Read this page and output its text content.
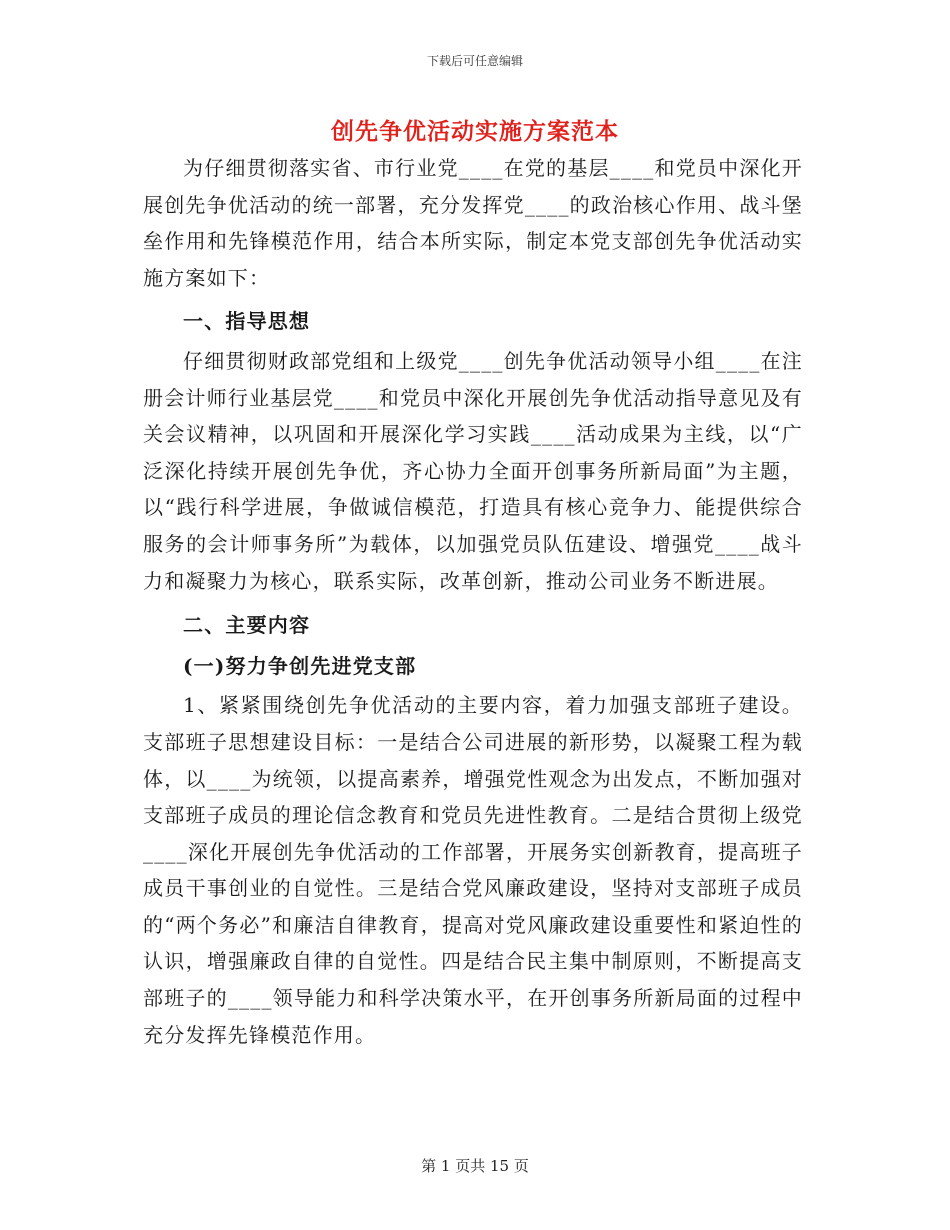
下载后可任意编辑
创先争优活动实施方案范本

为仔细贯彻落实省、市行业党____在党的基层____和党员中深化开展创先争优活动的统一部署，充分发挥党____的政治核心作用、战斗堡垒作用和先锋模范作用，结合本所实际，制定本党支部创先争优活动实施方案如下：

一、指导思想

仔细贯彻财政部党组和上级党____创先争优活动领导小组____在注册会计师行业基层党____和党员中深化开展创先争优活动指导意见及有关会议精神，以巩固和开展深化学习实践____活动成果为主线，以“广泛深化持续开展创先争优，齐心协力全面开创事务所新局面”为主题，以“践行科学进展，争做诚信模范，打造具有核心竞争力、能提供综合服务的会计师事务所”为载体，以加强党员队伍建设、增强党____战斗力和凝聚力为核心，联系实际，改革创新，推动公司业务不断进展。

二、主要内容
(一)努力争创先进党支部

1、紧紧围绕创先争优活动的主要内容，着力加强支部班子建设。支部班子思想建设目标：一是结合公司进展的新形势，以凝聚工程为载体，以____为统领，以提高素养，增强党性观念为出发点，不断加强对支部班子成员的理论信念教育和党员先进性教育。二是结合贯彻上级党____深化开展创先争优活动的工作部署，开展务实创新教育，提高班子成员干事创业的自觉性。三是结合党风廉政建设，坚持对支部班子成员的“两个务必”和廉洁自律教育，提高对党风廉政建设重要性和紧迫性的认识，增强廉政自律的自觉性。四是结合民主集中制原则，不断提高支部班子的____领导能力和科学决策水平，在开创事务所新局面的过程中充分发挥先锋模范作用。

第 1 页共 15 页
